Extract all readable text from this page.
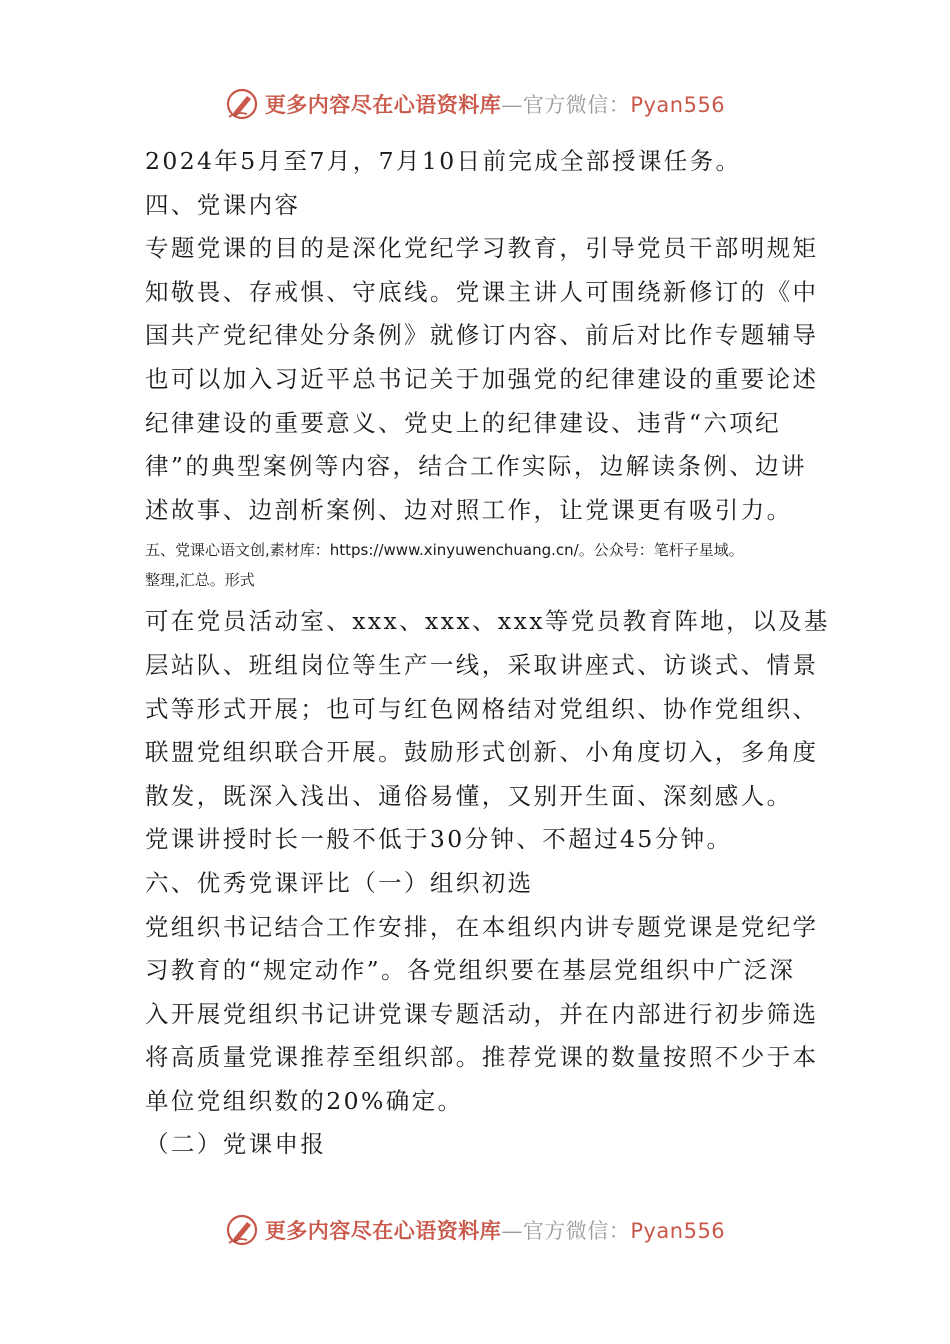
更多内容尽在心语资料库—官方微信：Pyan556

2024年5月至7月，7月10日前完成全部授课任务。

四、党课内容

专题党课的目的是深化党纪学习教育，引导党员干部明规矩

知敬畏、存戒惧、守底线。党课主讲人可围绕新修订的《中

国共产党纪律处分条例》就修订内容、前后对比作专题辅导

也可以加入习近平总书记关于加强党的纪律建设的重要论述

纪律建设的重要意义、党史上的纪律建设、违背“六项纪

律”的典型案例等内容，结合工作实际，边解读条例、边讲

述故事、边剖析案例、边对照工作，让党课更有吸引力。

五、党课心语文创,素材库：https://www.xinyuwenchuang.cn/。公众号：笔杆子星域。

整理,汇总。形式

可在党员活动室、xxx、xxx、xxx等党员教育阵地，以及基

层站队、班组岗位等生产一线，采取讲座式、访谈式、情景

式等形式开展；也可与红色网格结对党组织、协作党组织、

联盟党组织联合开展。鼓励形式创新、小角度切入，多角度

散发，既深入浅出、通俗易懂，又别开生面、深刻感人。

党课讲授时长一般不低于30分钟、不超过45分钟。

六、优秀党课评比（一）组织初选

党组织书记结合工作安排，在本组织内讲专题党课是党纪学

习教育的“规定动作”。各党组织要在基层党组织中广泛深

入开展党组织书记讲党课专题活动，并在内部进行初步筛选

将高质量党课推荐至组织部。推荐党课的数量按照不少于本

单位党组织数的20%确定。

（二）党课申报

更多内容尽在心语资料库—官方微信：Pyan556
